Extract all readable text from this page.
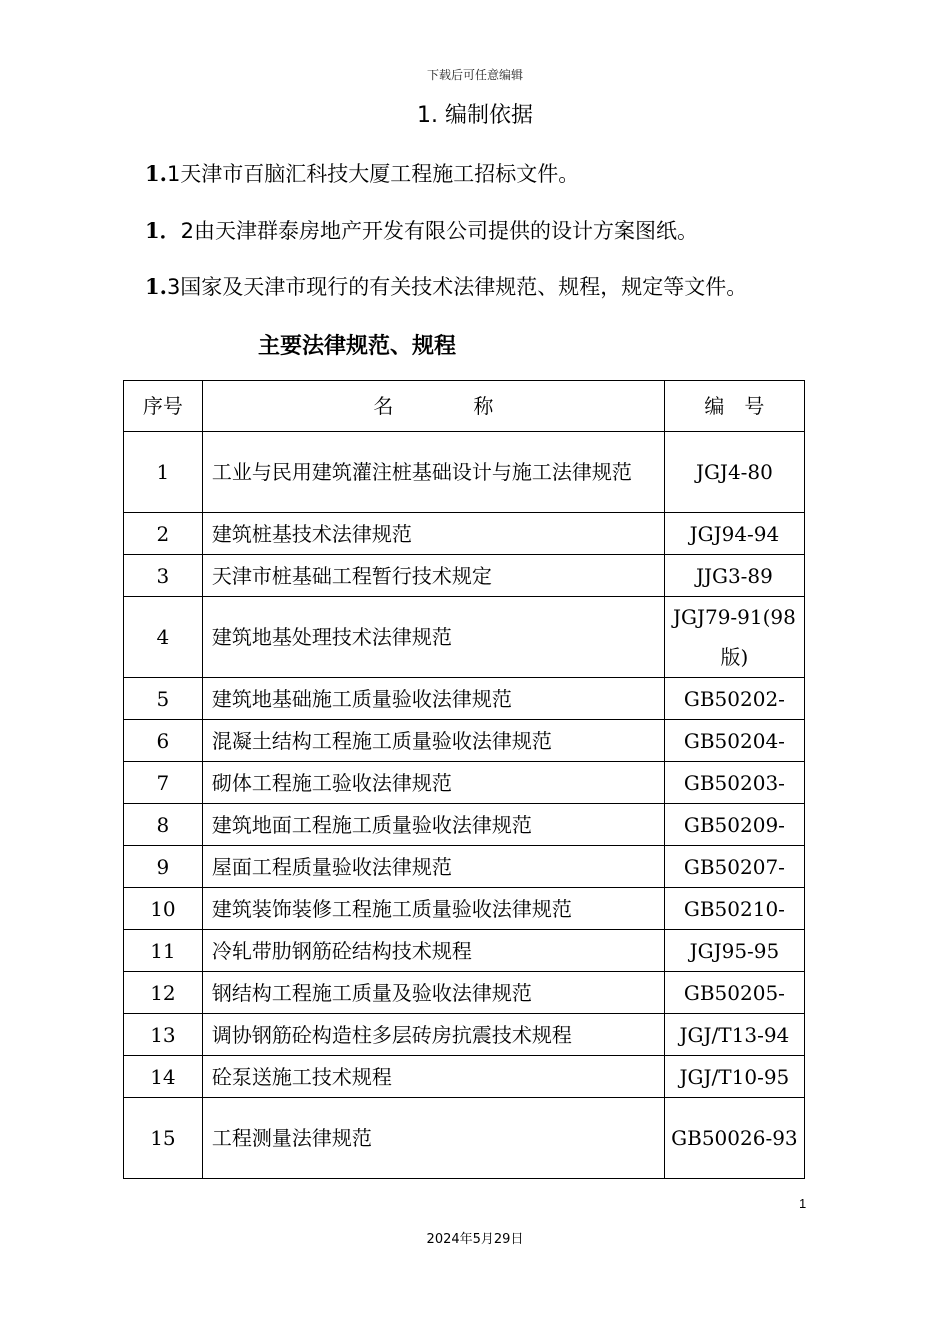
下载后可任意编辑
1. 编制依据
1.1天津市百脑汇科技大厦工程施工招标文件。
1．2由天津群泰房地产开发有限公司提供的设计方案图纸。
1.3国家及天津市现行的有关技术法律规范、规程，规定等文件。
主要法律规范、规程
序号	名　　　　称	编　号
1	工业与民用建筑灌注桩基础设计与施工法律规范	JGJ4-80
2	建筑桩基技术法律规范	JGJ94-94
3	天津市桩基础工程暂行技术规定	JJG3-89
4	建筑地基处理技术法律规范	JGJ79-91(98版)
5	建筑地基础施工质量验收法律规范	GB50202-
6	混凝土结构工程施工质量验收法律规范	GB50204-
7	砌体工程施工验收法律规范	GB50203-
8	建筑地面工程施工质量验收法律规范	GB50209-
9	屋面工程质量验收法律规范	GB50207-
10	建筑装饰装修工程施工质量验收法律规范	GB50210-
11	冷轧带肋钢筋砼结构技术规程	JGJ95-95
12	钢结构工程施工质量及验收法律规范	GB50205-
13	调协钢筋砼构造柱多层砖房抗震技术规程	JGJ/T13-94
14	砼泵送施工技术规程	JGJ/T10-95
15	工程测量法律规范	GB50026-93
1
2024年5月29日
